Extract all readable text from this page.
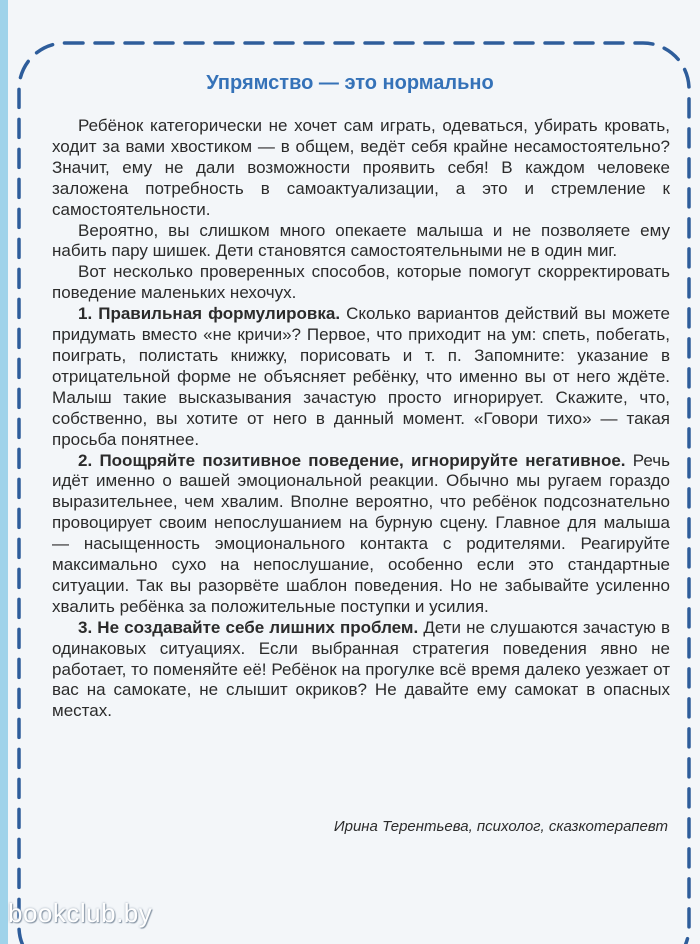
Упрямство — это нормально

Ребёнок категорически не хочет сам играть, одеваться, убирать кровать, ходит за вами хвостиком — в общем, ведёт себя крайне несамостоятельно? Значит, ему не дали возможности проявить себя! В каждом человеке заложена потребность в самоактуализации, а это и стремление к самостоятельности.

Вероятно, вы слишком много опекаете малыша и не позволяете ему набить пару шишек. Дети становятся самостоятельными не в один миг.

Вот несколько проверенных способов, которые помогут скорректировать поведение маленьких нехочух.

1. Правильная формулировка. Сколько вариантов действий вы можете придумать вместо «не кричи»? Первое, что приходит на ум: спеть, побегать, поиграть, полистать книжку, порисовать и т. п. Запомните: указание в отрицательной форме не объясняет ребёнку, что именно вы от него ждёте. Малыш такие высказывания зачастую просто игнорирует. Скажите, что, собственно, вы хотите от него в данный момент. «Говори тихо» — такая просьба понятнее.

2. Поощряйте позитивное поведение, игнорируйте негативное. Речь идёт именно о вашей эмоциональной реакции. Обычно мы ругаем гораздо выразительнее, чем хвалим. Вполне вероятно, что ребёнок подсознательно провоцирует своим непослушанием на бурную сцену. Главное для малыша — насыщенность эмоционального контакта с родителями. Реагируйте максимально сухо на непослушание, особенно если это стандартные ситуации. Так вы разорвёте шаблон поведения. Но не забывайте усиленно хвалить ребёнка за положительные поступки и усилия.

3. Не создавайте себе лишних проблем. Дети не слушаются зачастую в одинаковых ситуациях. Если выбранная стратегия поведения явно не работает, то поменяйте её! Ребёнок на прогулке всё время далеко уезжает от вас на самокате, не слышит окриков? Не давайте ему самокат в опасных местах.

Ирина Терентьева, психолог, сказкотерапевт
bookclub.by
